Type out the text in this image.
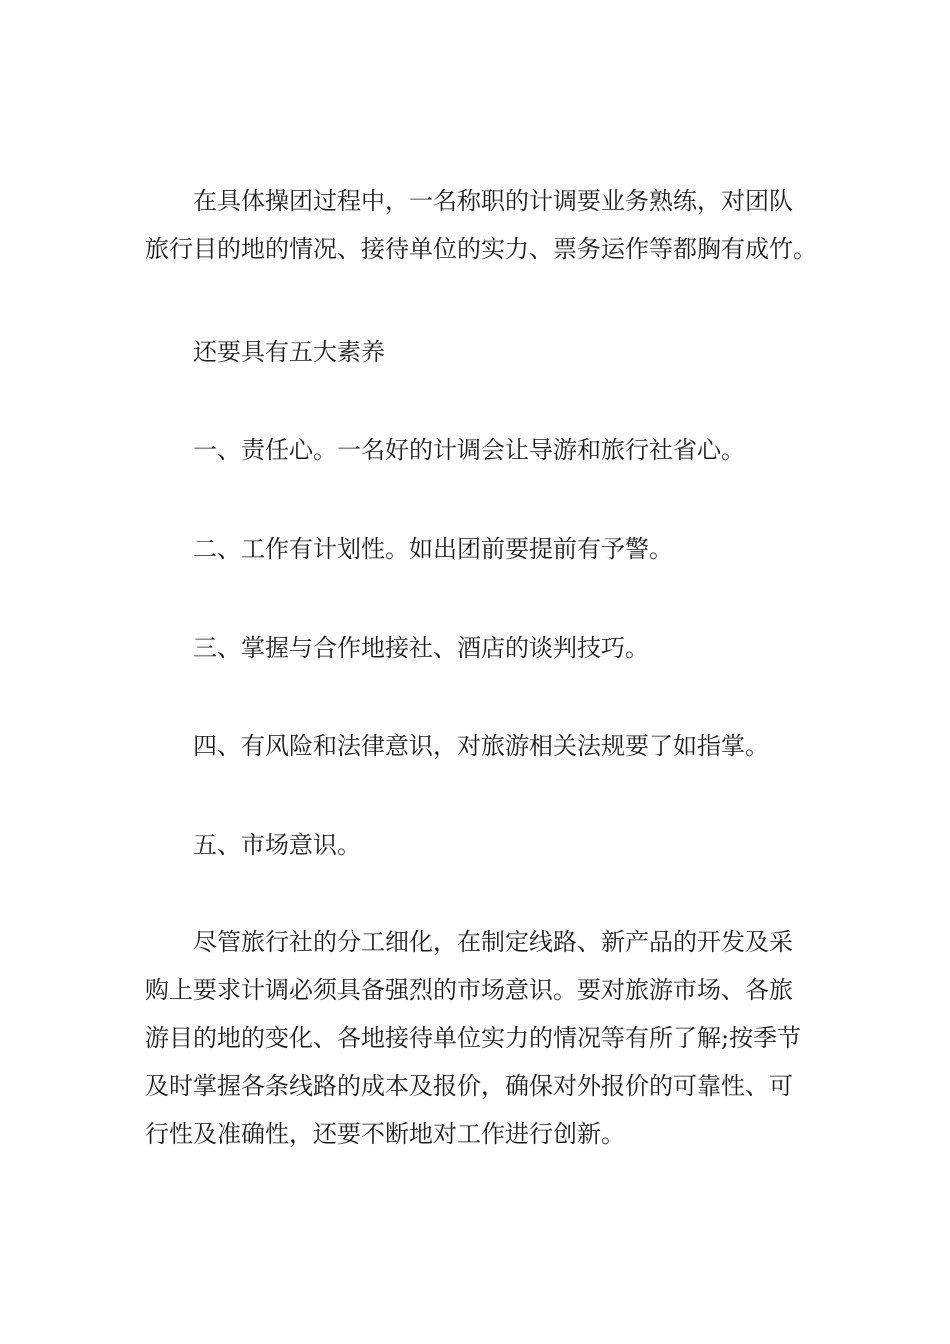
在具体操团过程中，一名称职的计调要业务熟练，对团队
旅行目的地的情况、接待单位的实力、票务运作等都胸有成竹。
还要具有五大素养
一、责任心。一名好的计调会让导游和旅行社省心。
二、工作有计划性。如出团前要提前有予警。
三、掌握与合作地接社、酒店的谈判技巧。
四、有风险和法律意识，对旅游相关法规要了如指掌。
五、市场意识。
尽管旅行社的分工细化，在制定线路、新产品的开发及采
购上要求计调必须具备强烈的市场意识。要对旅游市场、各旅
游目的地的变化、各地接待单位实力的情况等有所了解;按季节
及时掌握各条线路的成本及报价，确保对外报价的可靠性、可
行性及准确性，还要不断地对工作进行创新。
